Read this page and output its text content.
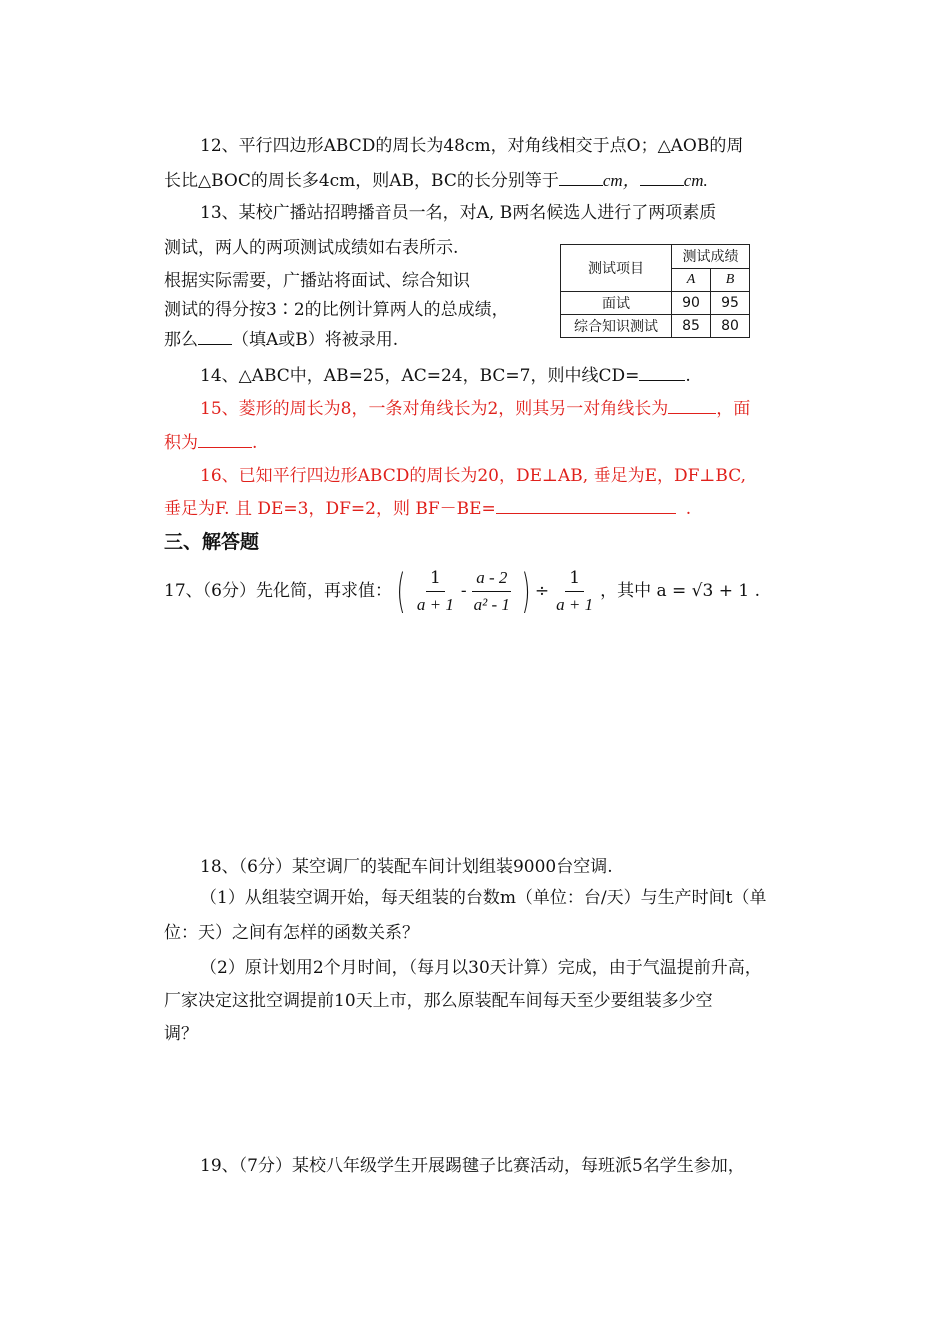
12、平行四边形ABCD的周长为48cm，对角线相交于点O；△AOB的周
长比△BOC的周长多4cm，则AB，BC的长分别等于	cm，	cm.
13、某校广播站招聘播音员一名，对A, B两名候选人进行了两项素质
测试，两人的两项测试成绩如右表所示.
根据实际需要，广播站将面试、综合知识
测试的得分按3∶2的比例计算两人的总成绩，
那么 （填A或B）将被录用.
测试项目	测试成绩	
	A	B
面试	90	95
综合知识测试	85	80
14、△ABC中，AB=25，AC=24，BC=7，则中线CD=	.
15、菱形的周长为8，一条对角线长为2，则其另一对角线长为	，面
积为	.
16、已知平行四边形ABCD的周长为20，DE⊥AB, 垂足为E，DF⊥BC,
垂足为F. 且 DE=3，DF=2，则 BF－BE=	.
三、解答题
17、（6分）先化简，再求值： ( $\frac{1}{a + 1} - \frac{a - 2}{\text{a² - 1}}$ ) ÷ $\frac{1}{a + 1}$ ，其中 a = √3 + 1 .
18、（6分）某空调厂的装配车间计划组装9000台空调.
（1）从组装空调开始，每天组装的台数m（单位：台/天）与生产时间t（单
位：天）之间有怎样的函数关系？
（2）原计划用2个月时间，（每月以30天计算）完成，由于气温提前升高，
厂家决定这批空调提前10天上市，那么原装配车间每天至少要组装多少空
调？
19、（7分）某校八年级学生开展踢毽子比赛活动，每班派5名学生参加，
